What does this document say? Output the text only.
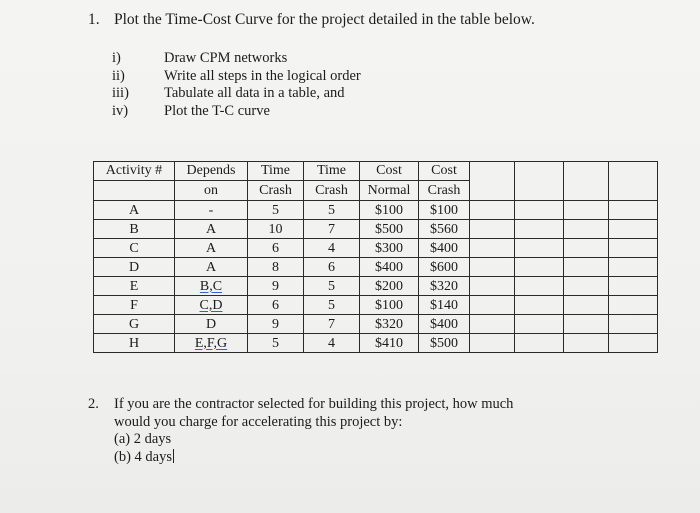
1. Plot the Time-Cost Curve for the project detailed in the table below.
i)	Draw CPM networks
ii)	Write all steps in the logical order
iii)	Tabulate all data in a table, and
iv)	Plot the T-C curve
Activity #	Depends	Time	Time	Cost	Cost				
	on	Crash	Crash	Normal	Crash				
A	-	5	5	$100	$100				
B	A	10	7	$500	$560				
C	A	6	4	$300	$400				
D	A	8	6	$400	$600				
E	B,C	9	5	$200	$320				
F	C,D	6	5	$100	$140				
G	D	9	7	$320	$400				
H	E,F,G	5	4	$410	$500				
2. If you are the contractor selected for building this project, how much
would you charge for accelerating this project by:
(a) 2 days
(b) 4 days
